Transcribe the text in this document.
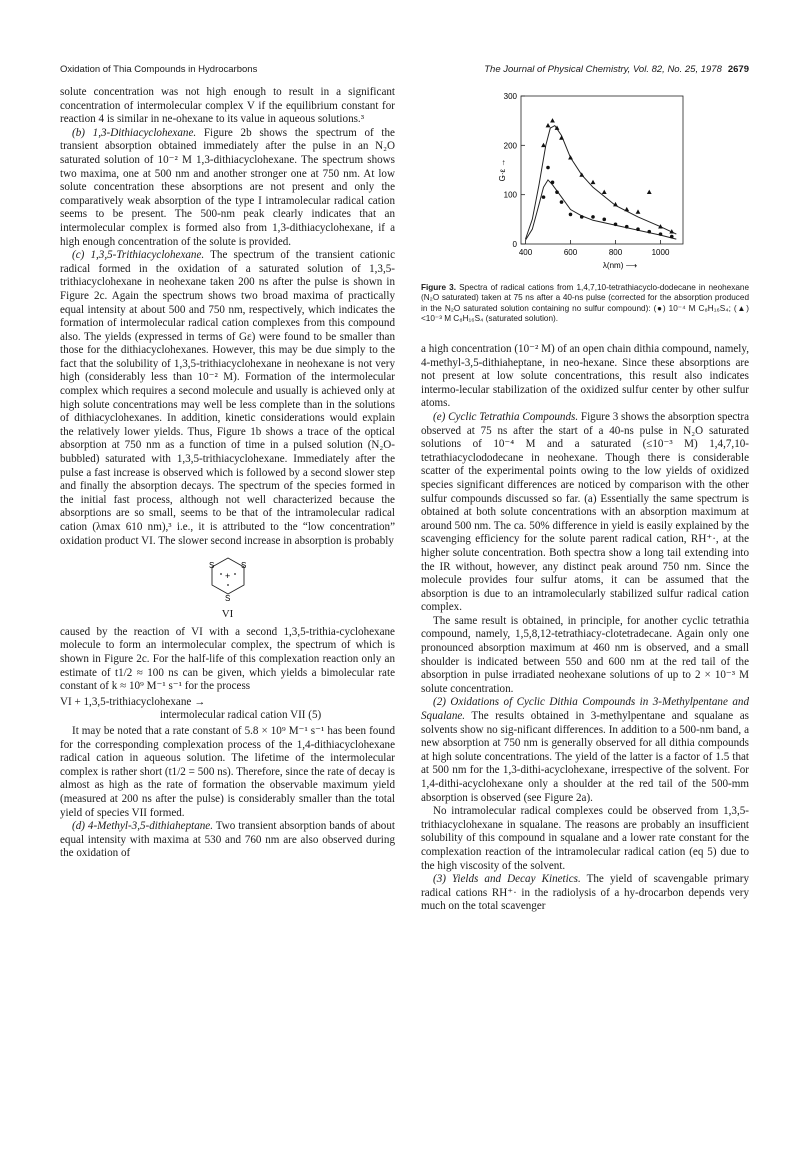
Oxidation of Thia Compounds in Hydrocarbons	The Journal of Physical Chemistry, Vol. 82, No. 25, 1978 2679

solute concentration was not high enough to result in a significant concentration of intermolecular complex V if the equilibrium constant for reaction 4 is similar in ne-ohexane to its value in aqueous solutions.³

(b) 1,3-Dithiacyclohexane. Figure 2b shows the spectrum of the transient absorption obtained immediately after the pulse in an N₂O saturated solution of 10⁻² M 1,3-dithiacyclohexane. The spectrum shows two maxima, one at 500 nm and another stronger one at 750 nm. At low solute concentration these absorptions are not present and only the comparatively weak absorption of the type I intramolecular radical cation seems to be present. The 500-nm peak clearly indicates that an intermolecular complex is formed also from 1,3-dithiacyclohexane, if a high enough concentration of the solute is provided.

(c) 1,3,5-Trithiacyclohexane. The spectrum of the transient cationic radical formed in the oxidation of a saturated solution of 1,3,5-trithiacyclohexane in neohexane taken 200 ns after the pulse is shown in Figure 2c. Again the spectrum shows two broad maxima of practically equal intensity at about 500 and 750 nm, respectively, which indicates the formation of intermolecular radical cation complexes from this compound also. The yields (expressed in terms of Gε) were found to be smaller than those for the dithiacyclohexanes. However, this may be due simply to the fact that the solubility of 1,3,5-trithiacyclohexane in neohexane is not very high (considerably less than 10⁻² M). Formation of the intermolecular complex which requires a second molecule and usually is achieved only at high solute concentrations may well be less complete than in the solutions of dithiacyclohexanes. In addition, kinetic considerations would explain the relatively lower yields. Thus, Figure 1b shows a trace of the optical absorption at 750 nm as a function of time in a pulsed solution (N₂O-bubbled) saturated with 1,3,5-trithiacyclohexane. Immediately after the pulse a fast increase is observed which is followed by a second slower step and finally the absorption decays. The spectrum of the species formed in the initial fast process, although not well characterized because the absorptions are so small, seems to be that of the intramolecular radical cation (λmax 610 nm),³ i.e., it is attributed to the “low concentration” oxidation product VI. The slower second increase in absorption is probably

S	S
S
+
VI

caused by the reaction of VI with a second 1,3,5-trithia-cyclohexane molecule to form an intermolecular complex, the spectrum of which is shown in Figure 2c. For the half-life of this complexation reaction only an estimate of t1/2 ≈ 100 ns can be given, which yields a bimolecular rate constant of k ≈ 10⁹ M⁻¹ s⁻¹ for the process

VI + 1,3,5-trithiacyclohexane →
intermolecular radical cation VII (5)

It may be noted that a rate constant of 5.8 × 10⁹ M⁻¹ s⁻¹ has been found for the corresponding complexation process of the 1,4-dithiacyclohexane radical cation in aqueous solution. The lifetime of the intermolecular complex is rather short (t1/2 = 500 ns). Therefore, since the rate of decay is almost as high as the rate of formation the observable maximum yield (measured at 200 ns after the pulse) is considerably smaller than the total yield of species VII formed.

(d) 4-Methyl-3,5-dithiaheptane. Two transient absorption bands of about equal intensity with maxima at 530 and 760 nm are also observed during the oxidation of

400	600	800	1000
0
100
200
300
G·ε →
λ(nm) ⟶
Figure 3. Spectra of radical cations from 1,4,7,10-tetrathiacyclo-dodecane in neohexane (N₂O saturated) taken at 75 ns after a 40-ns pulse (corrected for the absorption produced in the N₂O saturated solution containing no sulfur compound): (●) 10⁻⁴ M C₈H₁₆S₄; (▲) <10⁻³ M C₈H₁₆S₄ (saturated solution).

a high concentration (10⁻² M) of an open chain dithia compound, namely, 4-methyl-3,5-dithiaheptane, in neo-hexane. Since these absorptions are not present at low solute concentrations, this result also indicates intermo-lecular stabilization of the oxidized sulfur center by other sulfur atoms.

(e) Cyclic Tetrathia Compounds. Figure 3 shows the absorption spectra observed at 75 ns after the start of a 40-ns pulse in N₂O saturated solutions of 10⁻⁴ M and a saturated (≤10⁻³ M) 1,4,7,10-tetrathiacyclododecane in neohexane. Though there is considerable scatter of the experimental points owing to the low yields of oxidized species significant differences are noticed by comparison with the other sulfur compounds discussed so far. (a) Essentially the same spectrum is obtained at both solute concentrations with an absorption maximum at around 500 nm. The ca. 50% difference in yield is easily explained by the scavenging efficiency for the solute parent radical cation, RH⁺·, at the higher solute concentration. Both spectra show a long tail extending into the IR without, however, any distinct peak around 750 nm. Since the molecule provides four sulfur atoms, it can be assumed that the absorption is due to an intramolecularly stabilized sulfur radical cation complex.

The same result is obtained, in principle, for another cyclic tetrathia compound, namely, 1,5,8,12-tetrathiacy-clotetradecane. Again only one pronounced absorption maximum at 460 nm is observed, and a small shoulder is indicated between 550 and 600 nm at the red tail of the absorption in pulse irradiated neohexane solutions of up to 2 × 10⁻³ M solute concentration.

(2) Oxidations of Cyclic Dithia Compounds in 3-Methylpentane and Squalane. The results obtained in 3-methylpentane and squalane as solvents show no sig-nificant differences. In addition to a 500-nm band, a new absorption at 750 nm is generally observed for all dithia compounds at high solute concentrations. The yield of the latter is a factor of 1.5 that at 500 nm for the 1,3-dithi-acyclohexane, irrespective of the solvent. For 1,4-dithi-acyclohexane only a shoulder at the red tail of the 500-mm absorption is observed (see Figure 2a).

No intramolecular radical complexes could be observed from 1,3,5-trithiacyclohexane in squalane. The reasons are probably an insufficient solubility of this compound in squalane and a lower rate constant for the complexation reaction of the intramolecular radical cation (eq 5) due to the high viscosity of the solvent.

(3) Yields and Decay Kinetics. The yield of scavengable primary radical cations RH⁺· in the radiolysis of a hy-drocarbon depends very much on the total scavenger
